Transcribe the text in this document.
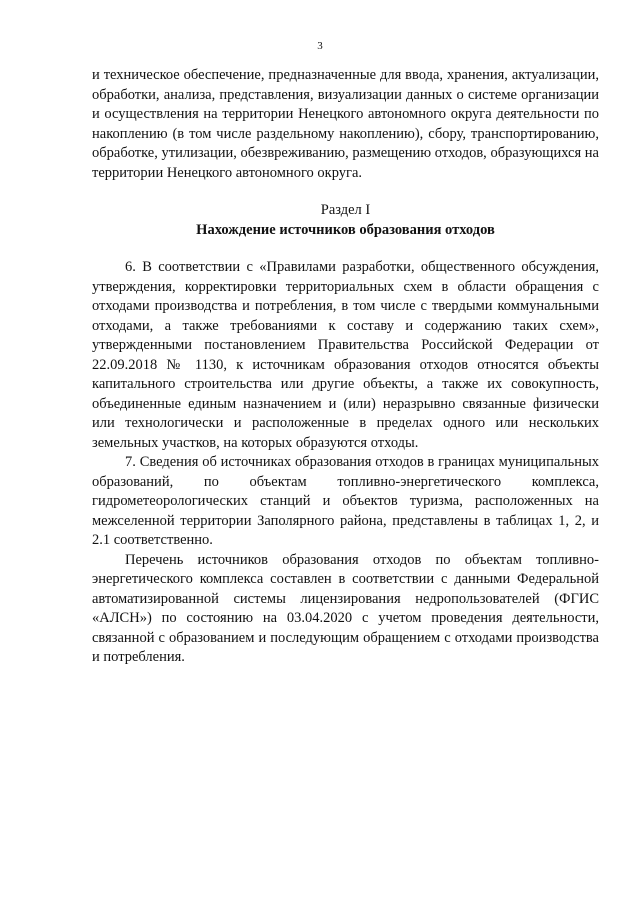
3

и техническое обеспечение, предназначенные для ввода, хранения, актуализации, обработки, анализа, представления, визуализации данных о системе организации и осуществления на территории Ненецкого автономного округа деятельности по накоплению (в том числе раздельному накоплению), сбору, транспортированию, обработке, утилизации, обезвреживанию, размещению отходов, образующихся на территории Ненецкого автономного округа.

Раздел I

Нахождение источников образования отходов

6. В соответствии с «Правилами разработки, общественного обсуждения, утверждения, корректировки территориальных схем в области обращения с отходами производства и потребления, в том числе с твердыми коммунальными отходами, а также требованиями к составу и содержанию таких схем», утвержденными постановлением Правительства Российской Федерации от 22.09.2018 № 1130, к источникам образования отходов относятся объекты капитального строительства или другие объекты, а также их совокупность, объединенные единым назначением и (или) неразрывно связанные физически или технологически и расположенные в пределах одного или нескольких земельных участков, на которых образуются отходы.

7. Сведения об источниках образования отходов в границах муниципальных образований, по объектам топливно-энергетического комплекса, гидрометеорологических станций и объектов туризма, расположенных на межселенной территории Заполярного района, представлены в таблицах 1, 2, и 2.1 соответственно.

Перечень источников образования отходов по объектам топливно-энергетического комплекса составлен в соответствии с данными Федеральной автоматизированной системы лицензирования недропользователей (ФГИС «АЛСН») по состоянию на 03.04.2020 с учетом проведения деятельности, связанной с образованием и последующим обращением с отходами производства и потребления.
